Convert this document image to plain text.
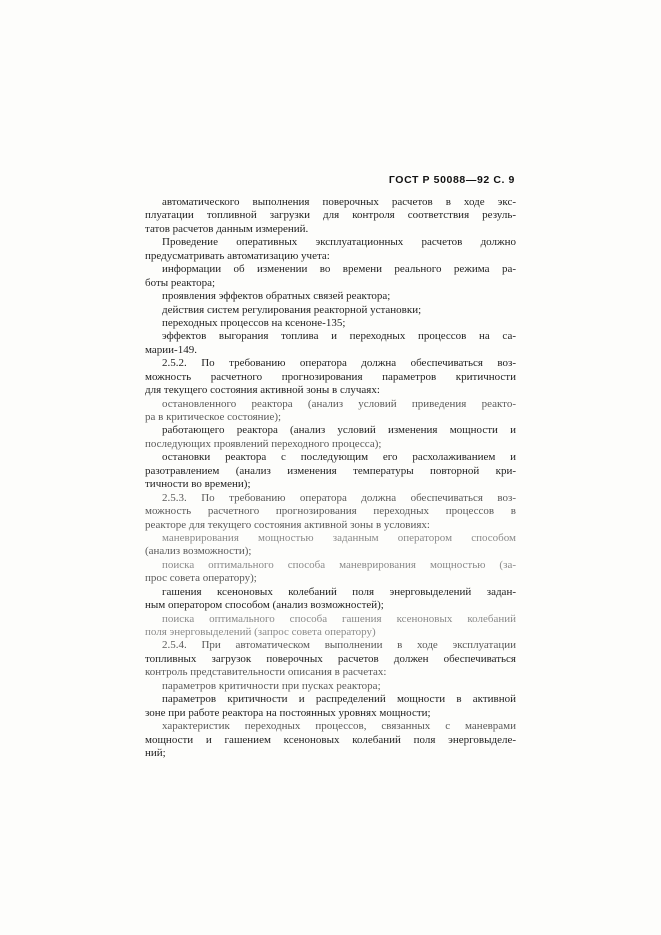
ГОСТ Р 50088—92 С. 9
автоматического выполнения поверочных расчетов в ходе экс-
плуатации топливной загрузки для контроля соответствия резуль-
татов расчетов данным измерений.
Проведение оперативных эксплуатационных расчетов должно
предусматривать автоматизацию учета:
информации об изменении во времени реального режима ра-
боты реактора;
проявления эффектов обратных связей реактора;
действия систем регулирования реакторной установки;
переходных процессов на ксеноне-135;
эффектов выгорания топлива и переходных процессов на са-
марии-149.
2.5.2. По требованию оператора должна обеспечиваться воз-
можность расчетного прогнозирования параметров критичности
для текущего состояния активной зоны в случаях:
остановленного реактора (анализ условий приведения реакто-
ра в критическое состояние);
работающего реактора (анализ условий изменения мощности и
последующих проявлений переходного процесса);
остановки реактора с последующим его расхолаживанием и
разотравлением (анализ изменения температуры повторной кри-
тичности во времени);
2.5.3. По требованию оператора должна обеспечиваться воз-
можность расчетного прогнозирования переходных процессов в
реакторе для текущего состояния активной зоны в условиях:
маневрирования мощностью заданным оператором способом
(анализ возможности);
поиска оптимального способа маневрирования мощностью (за-
прос совета оператору);
гашения ксеноновых колебаний поля энерговыделений задан-
ным оператором способом (анализ возможностей);
поиска оптимального способа гашения ксеноновых колебаний
поля энерговыделений (запрос совета оператору)
2.5.4. При автоматическом выполнении в ходе эксплуатации
топливных загрузок поверочных расчетов должен обеспечиваться
контроль представительности описания в расчетах:
параметров критичности при пусках реактора;
параметров критичности и распределений мощности в активной
зоне при работе реактора на постоянных уровнях мощности;
характеристик переходных процессов, связанных с маневрами
мощности и гашением ксеноновых колебаний поля энерговыделе-
ний;
